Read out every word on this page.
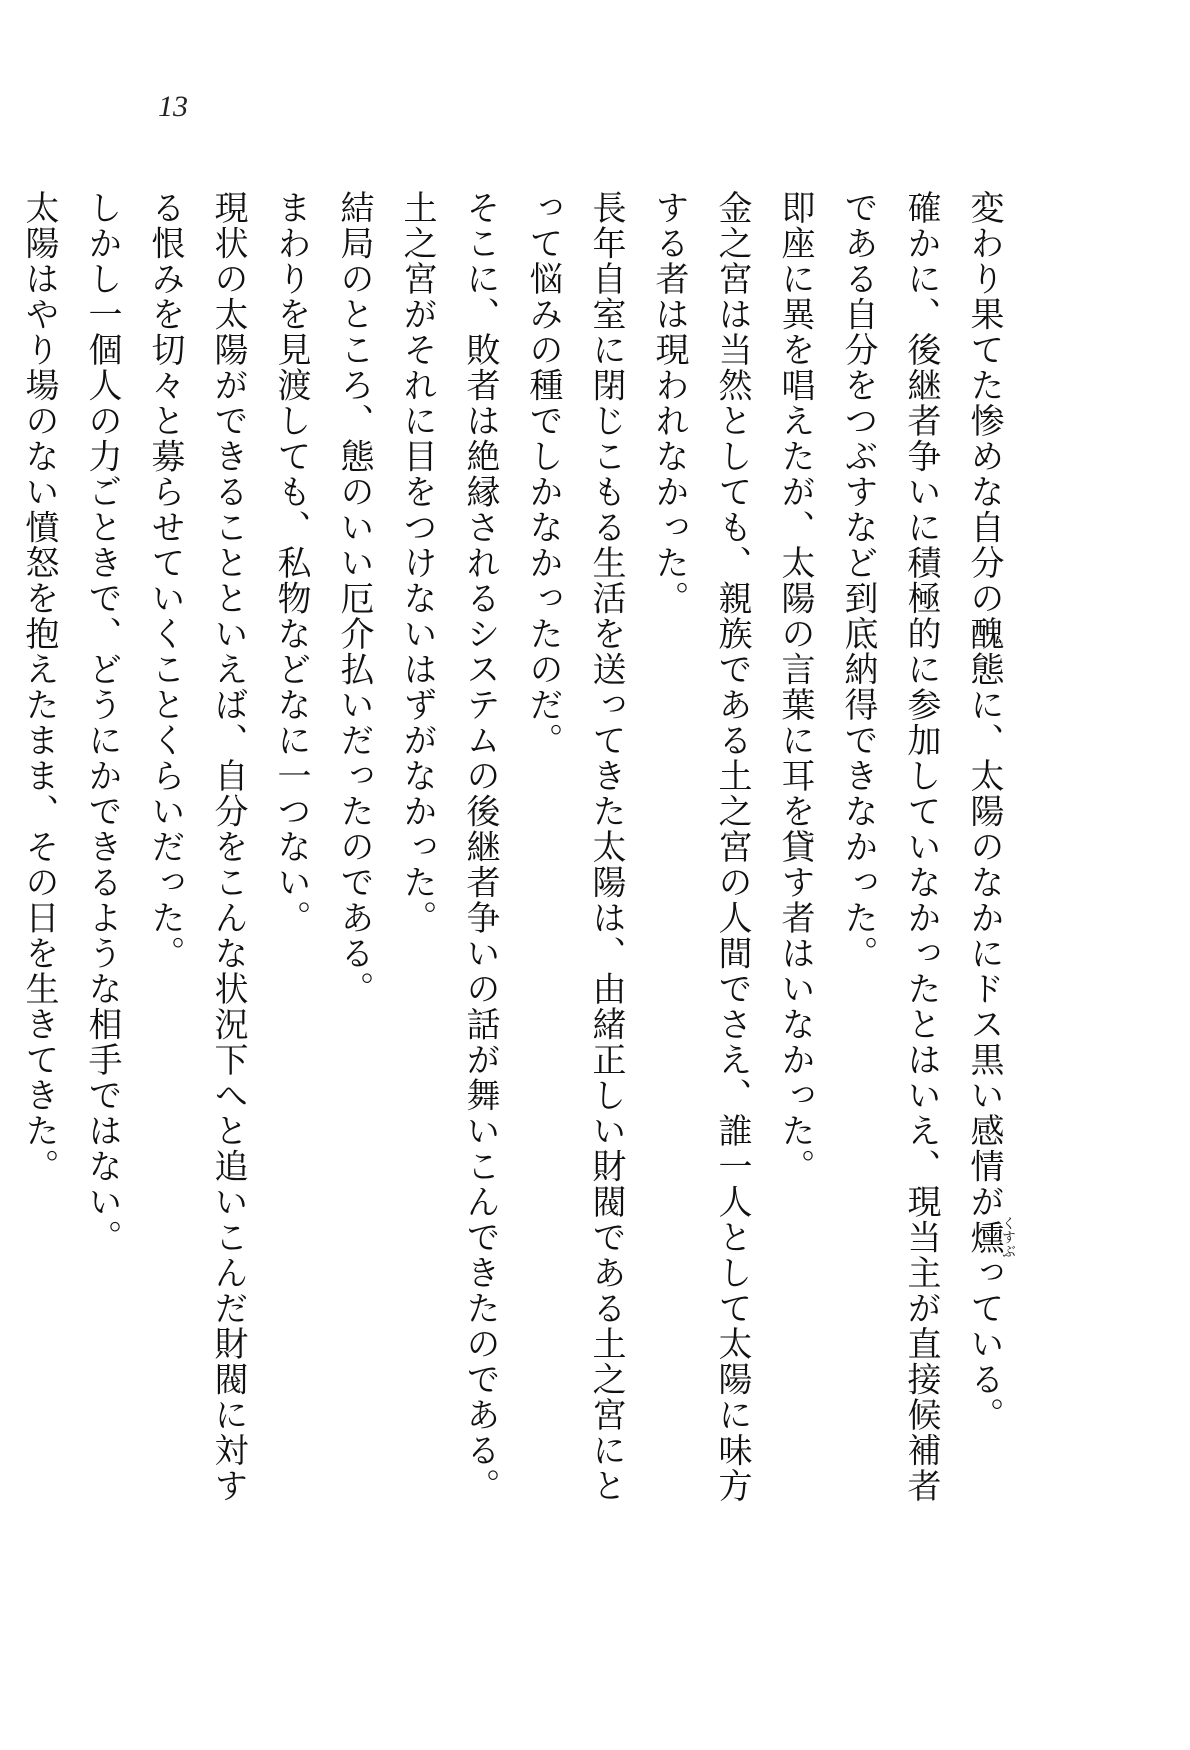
13
変わり果てた惨めな自分の醜態に、太陽のなかにドス黒い感情が燻くすぶっている。
確かに、後継者争いに積極的に参加していなかったとはいえ、現当主が直接候補者
である自分をつぶすなど到底納得できなかった。
即座に異を唱えたが、太陽の言葉に耳を貸す者はいなかった。
金之宮は当然としても、親族である土之宮の人間でさえ、誰一人として太陽に味方
する者は現われなかった。
長年自室に閉じこもる生活を送ってきた太陽は、由緒正しい財閥である土之宮にと
って悩みの種でしかなかったのだ。
そこに、敗者は絶縁されるシステムの後継者争いの話が舞いこんできたのである。
土之宮がそれに目をつけないはずがなかった。
結局のところ、態のいい厄介払いだったのである。
まわりを見渡しても、私物などなに一つない。
現状の太陽ができることといえば、自分をこんな状況下へと追いこんだ財閥に対す
る恨みを切々と募らせていくことくらいだった。
しかし一個人の力ごときで、どうにかできるような相手ではない。
太陽はやり場のない憤怒を抱えたまま、その日を生きてきた。
